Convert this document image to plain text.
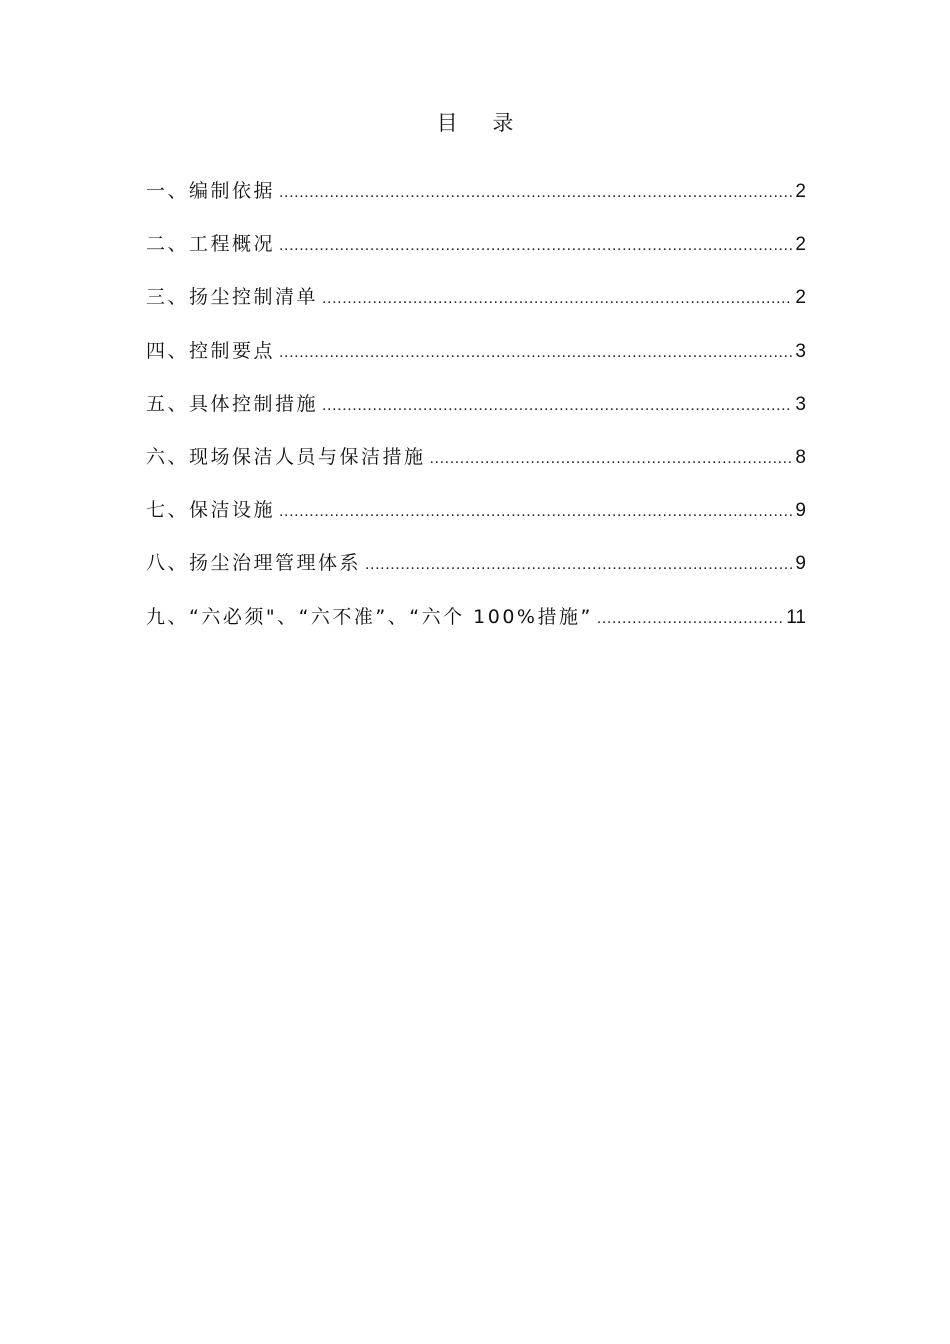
目 录
一、编制依据 .....	2
二、工程概况 .....	2
三、扬尘控制清单 .....	2
四、控制要点 .....	3
五、具体控制措施 .....	3
六、现场保洁人员与保洁措施 .....	8
七、保洁设施 .....	9
八、扬尘治理管理体系 .....	9
九、“六必须"、“六不准”、“六个 100%措施” .....	11
